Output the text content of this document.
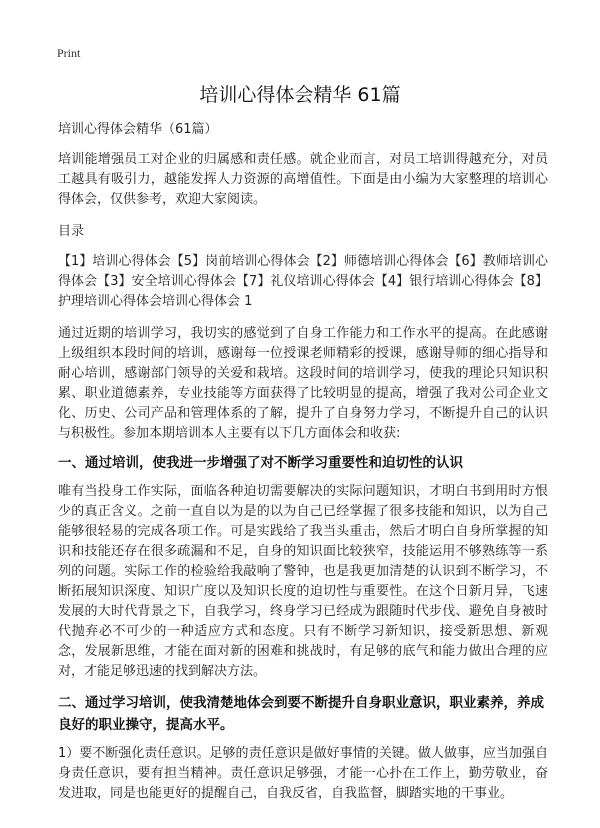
Print
培训心得体会精华 61篇

培训心得体会精华（61篇）

培训能增强员工对企业的归属感和责任感。就企业而言，对员工培训得越充分，对员工越具有吸引力，越能发挥人力资源的高增值性。下面是由小编为大家整理的培训心得体会，仅供参考，欢迎大家阅读。

目录

【1】培训心得体会【5】岗前培训心得体会【2】师德培训心得体会【6】教师培训心得体会【3】安全培训心得体会【7】礼仪培训心得体会【4】银行培训心得体会【8】护理培训心得体会培训心得体会 1

通过近期的培训学习，我切实的感觉到了自身工作能力和工作水平的提高。在此感谢上级组织本段时间的培训，感谢每一位授课老师精彩的授课，感谢导师的细心指导和耐心培训，感谢部门领导的关爱和栽培。这段时间的培训学习，使我的理论只知识积累、职业道德素养，专业技能等方面获得了比较明显的提高，增强了我对公司企业文化、历史、公司产品和管理体系的了解，提升了自身努力学习，不断提升自己的认识与积极性。参加本期培训本人主要有以下几方面体会和收获:

一、通过培训，使我进一步增强了对不断学习重要性和迫切性的认识

唯有当投身工作实际，面临各种迫切需要解决的实际问题知识，才明白书到用时方恨少的真正含义。之前一直自以为是的以为自己已经掌握了很多技能和知识，以为自己能够很轻易的完成各项工作。可是实践给了我当头重击，然后才明白自身所掌握的知识和技能还存在很多疏漏和不足，自身的知识面比较狭窄，技能运用不够熟练等一系列的问题。实际工作的检验给我敲响了警钟，也是我更加清楚的认识到不断学习，不断拓展知识深度、知识广度以及知识长度的迫切性与重要性。在这个日新月异，飞速发展的大时代背景之下，自我学习，终身学习已经成为跟随时代步伐、避免自身被时代抛弃必不可少的一种适应方式和态度。只有不断学习新知识，接受新思想、新观念，发展新思维，才能在面对新的困难和挑战时，有足够的底气和能力做出合理的应对，才能足够迅速的找到解决方法。

二、通过学习培训，使我清楚地体会到要不断提升自身职业意识，职业素养，养成良好的职业操守，提高水平。

1）要不断强化责任意识。足够的责任意识是做好事情的关键。做人做事，应当加强自身责任意识，要有担当精神。责任意识足够强，才能一心扑在工作上，勤劳敬业，奋发进取，同是也能更好的提醒自己，自我反省，自我监督，脚踏实地的干事业。
